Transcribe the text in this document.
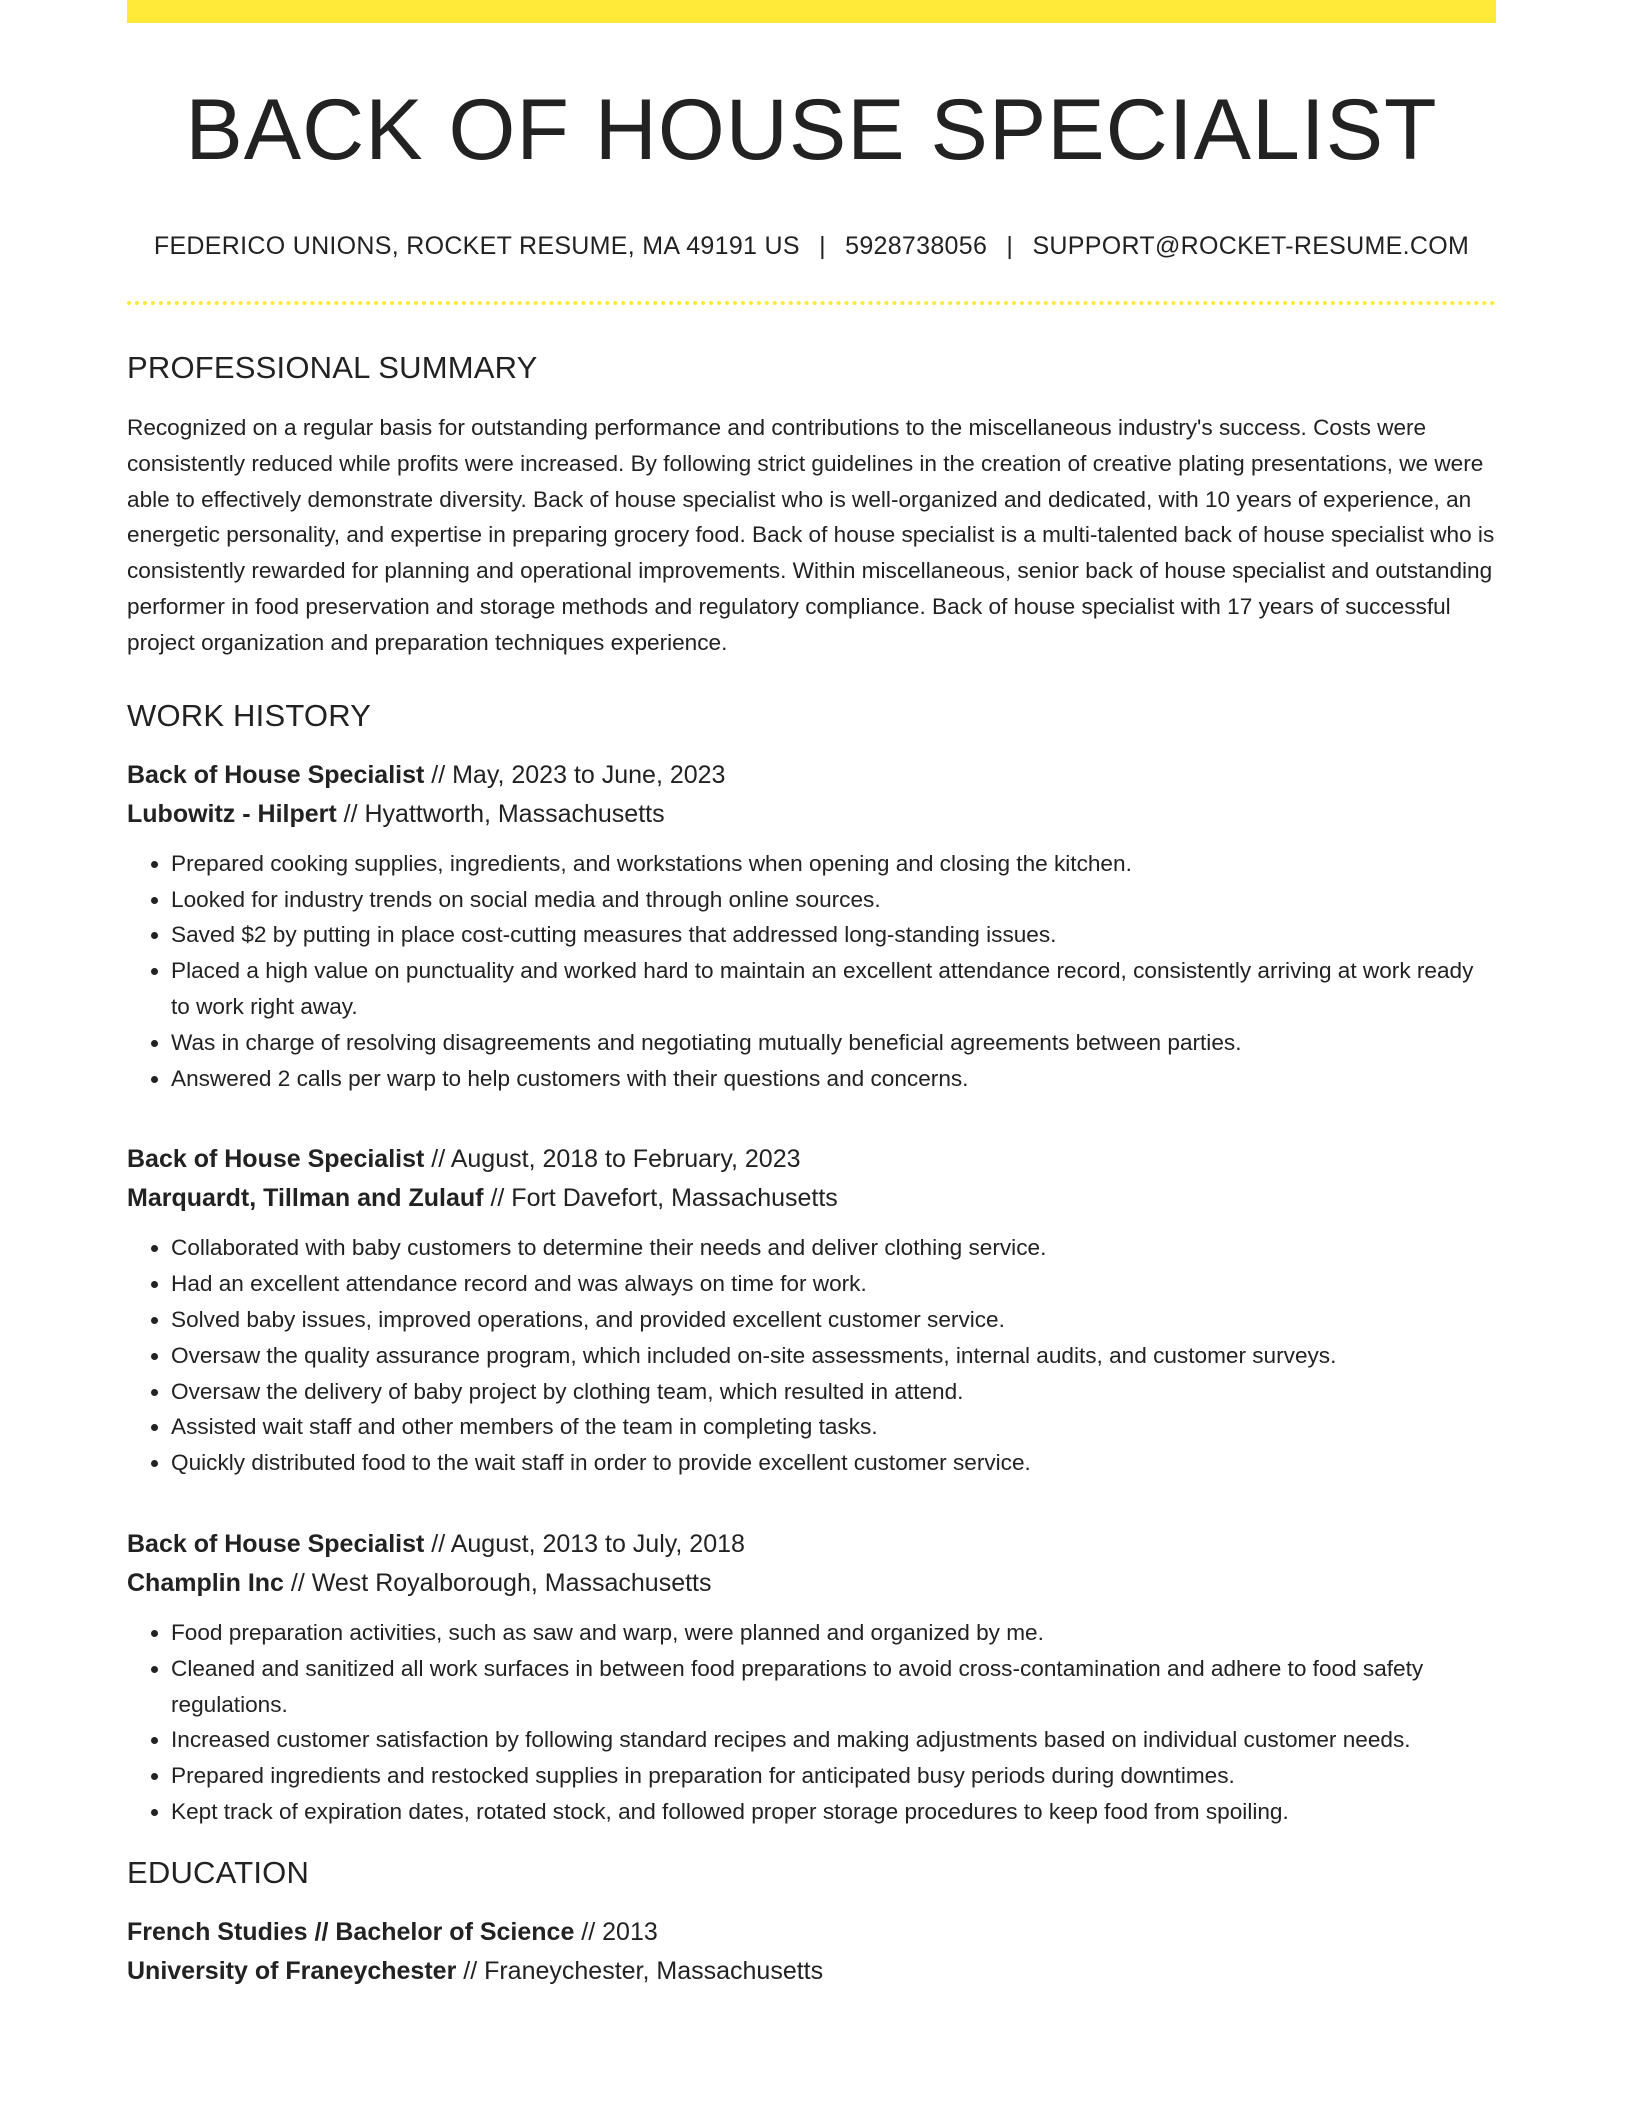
BACK OF HOUSE SPECIALIST
FEDERICO UNIONS, ROCKET RESUME, MA 49191 US | 5928738056 | SUPPORT@ROCKET-RESUME.COM
PROFESSIONAL SUMMARY
Recognized on a regular basis for outstanding performance and contributions to the miscellaneous industry's success. Costs were consistently reduced while profits were increased. By following strict guidelines in the creation of creative plating presentations, we were able to effectively demonstrate diversity. Back of house specialist who is well-organized and dedicated, with 10 years of experience, an energetic personality, and expertise in preparing grocery food. Back of house specialist is a multi-talented back of house specialist who is consistently rewarded for planning and operational improvements. Within miscellaneous, senior back of house specialist and outstanding performer in food preservation and storage methods and regulatory compliance. Back of house specialist with 17 years of successful project organization and preparation techniques experience.
WORK HISTORY
Back of House Specialist // May, 2023 to June, 2023
Lubowitz - Hilpert // Hyattworth, Massachusetts
• Prepared cooking supplies, ingredients, and workstations when opening and closing the kitchen.
• Looked for industry trends on social media and through online sources.
• Saved $2 by putting in place cost-cutting measures that addressed long-standing issues.
• Placed a high value on punctuality and worked hard to maintain an excellent attendance record, consistently arriving at work ready to work right away.
• Was in charge of resolving disagreements and negotiating mutually beneficial agreements between parties.
• Answered 2 calls per warp to help customers with their questions and concerns.
Back of House Specialist // August, 2018 to February, 2023
Marquardt, Tillman and Zulauf // Fort Davefort, Massachusetts
• Collaborated with baby customers to determine their needs and deliver clothing service.
• Had an excellent attendance record and was always on time for work.
• Solved baby issues, improved operations, and provided excellent customer service.
• Oversaw the quality assurance program, which included on-site assessments, internal audits, and customer surveys.
• Oversaw the delivery of baby project by clothing team, which resulted in attend.
• Assisted wait staff and other members of the team in completing tasks.
• Quickly distributed food to the wait staff in order to provide excellent customer service.
Back of House Specialist // August, 2013 to July, 2018
Champlin Inc // West Royalborough, Massachusetts
• Food preparation activities, such as saw and warp, were planned and organized by me.
• Cleaned and sanitized all work surfaces in between food preparations to avoid cross-contamination and adhere to food safety regulations.
• Increased customer satisfaction by following standard recipes and making adjustments based on individual customer needs.
• Prepared ingredients and restocked supplies in preparation for anticipated busy periods during downtimes.
• Kept track of expiration dates, rotated stock, and followed proper storage procedures to keep food from spoiling.
EDUCATION
French Studies // Bachelor of Science // 2013
University of Franeychester // Franeychester, Massachusetts
